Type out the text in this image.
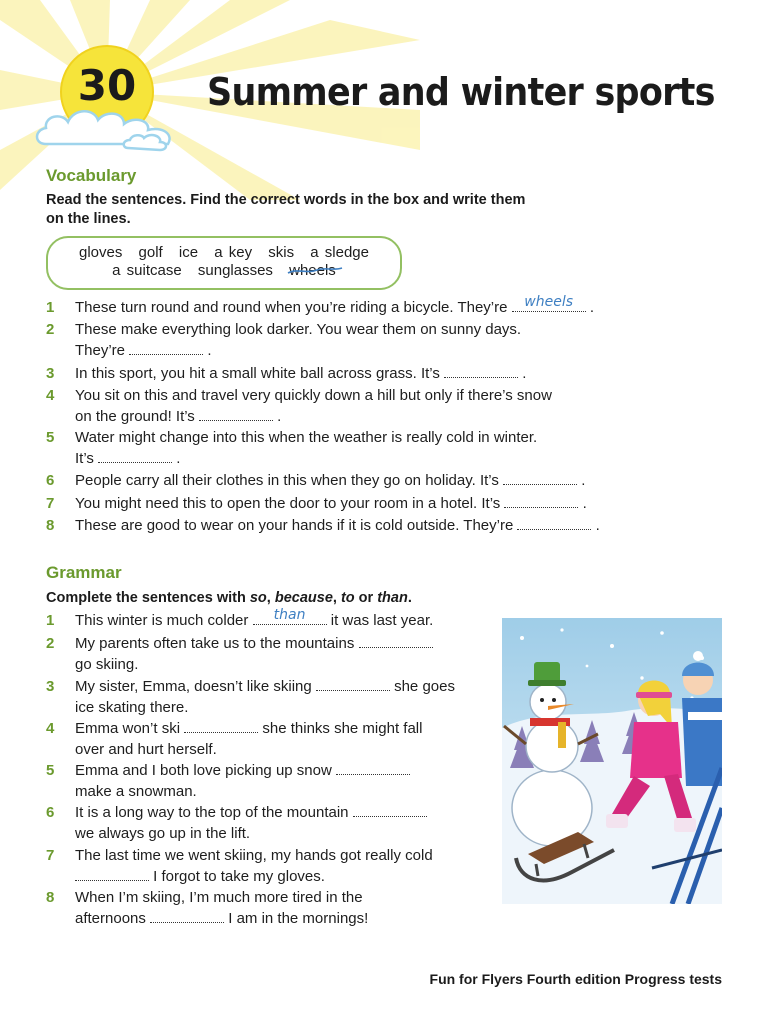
30	Summer and winter sports
Vocabulary
Read the sentences. Find the correct words in the box and write them
on the lines.
gloves golf ice a key skis a sledge
a suitcase sunglasses wheels
1 These turn round and round when you’re riding a bicycle. They’re	wheels	.
2 These make everything look darker. You wear them on sunny days.
They’re	.
3 In this sport, you hit a small white ball across grass. It’s	.
4 You sit on this and travel very quickly down a hill but only if there’s snow
on the ground! It’s	.
5 Water might change into this when the weather is really cold in winter.
It’s	.
6 People carry all their clothes in this when they go on holiday. It’s	.
7 You might need this to open the door to your room in a hotel. It’s	.
8 These are good to wear on your hands if it is cold outside. They’re	.
Grammar
Complete the sentences with so, because, to or than.
1 This winter is much colder	than	it was last year.
2 My parents often take us to the mountains
go skiing.
3 My sister, Emma, doesn’t like skiing	she goes
ice skating there.
4 Emma won’t ski	she thinks she might fall
over and hurt herself.
5 Emma and I both love picking up snow
make a snowman.
6 It is a long way to the top of the mountain
we always go up in the lift.
7 The last time we went skiing, my hands got really cold
I forgot to take my gloves.
8 When I’m skiing, I’m much more tired in the
afternoons	I am in the mornings!
Fun for Flyers Fourth edition Progress tests
